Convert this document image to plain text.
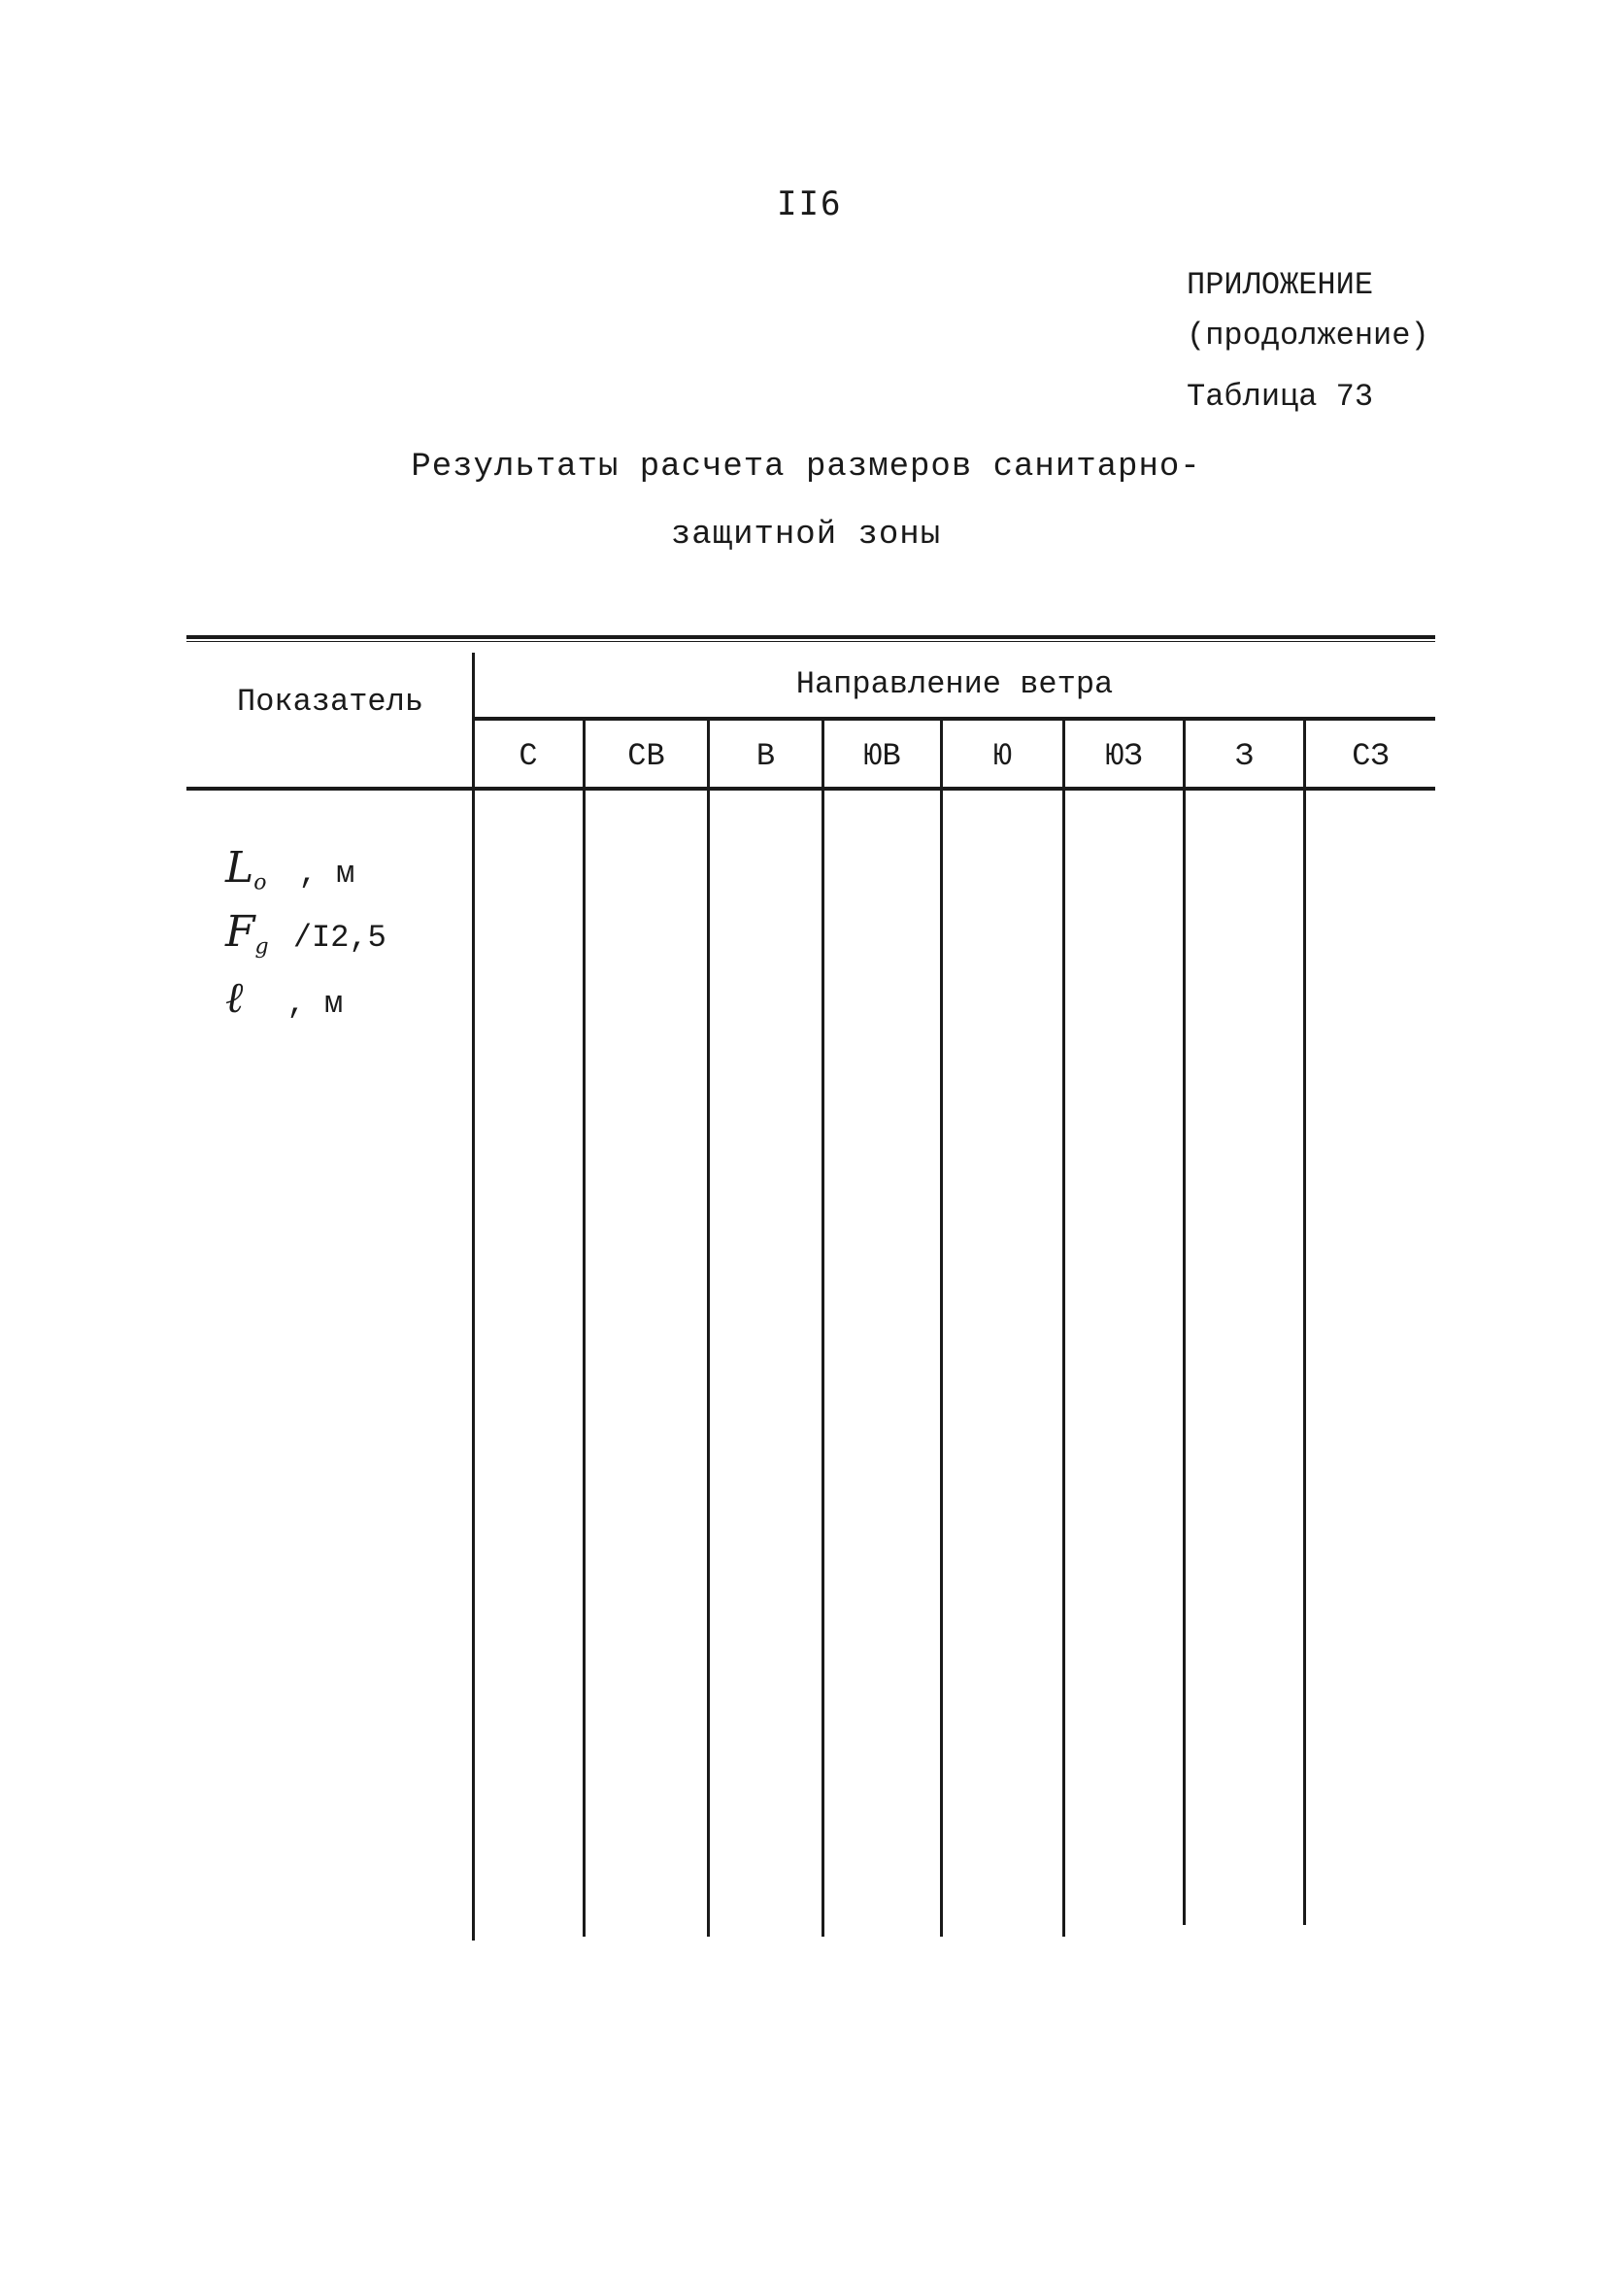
II6
ПРИЛОЖЕНИЕ
(продолжение)
Таблица 73
Результаты расчета размеров санитарно-
защитной зоны
Показатель	Направление ветра
С	СВ	В	ЮВ	Ю	ЮЗ	З	СЗ
$L_o$ , м
$F_g$ /I2,5
ℓ , м
